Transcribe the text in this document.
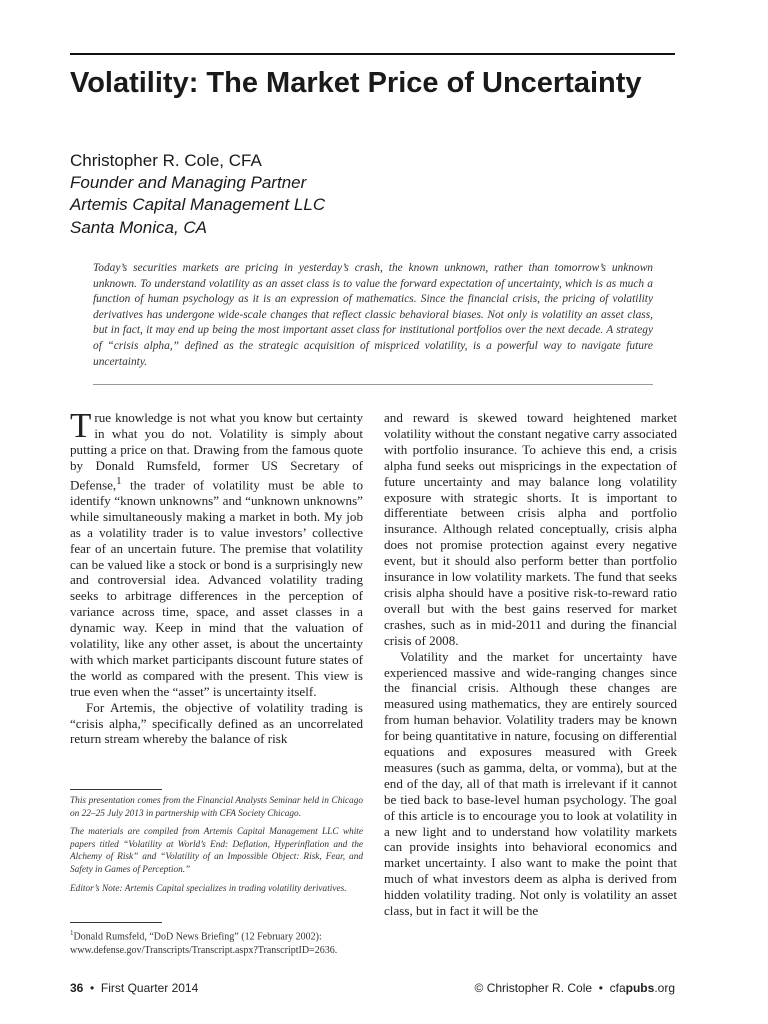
Volatility: The Market Price of Uncertainty
Christopher R. Cole, CFA
Founder and Managing Partner
Artemis Capital Management LLC
Santa Monica, CA
Today’s securities markets are pricing in yesterday’s crash, the known unknown, rather than tomorrow’s unknown unknown. To understand volatility as an asset class is to value the forward expectation of uncertainty, which is as much a function of human psychology as it is an expression of mathematics. Since the financial crisis, the pricing of volatility derivatives has undergone wide-scale changes that reflect classic behavioral biases. Not only is volatility an asset class, but in fact, it may end up being the most important asset class for institutional portfolios over the next decade. A strategy of “crisis alpha,” defined as the strategic acquisition of mispriced volatility, is a powerful way to navigate future uncertainty.

True knowledge is not what you know but certainty in what you do not. Volatility is simply about putting a price on that. Drawing from the famous quote by Donald Rumsfeld, former US Secretary of Defense,$^1$ the trader of volatility must be able to identify “known unknowns” and “unknown unknowns” while simultaneously making a market in both. My job as a volatility trader is to value investors’ collective fear of an uncertain future. The premise that volatility can be valued like a stock or bond is a surprisingly new and controversial idea. Advanced volatility trading seeks to arbitrage differences in the perception of variance across time, space, and asset classes in a dynamic way. Keep in mind that the valuation of volatility, like any other asset, is about the uncertainty with which market participants discount future states of the world as compared with the present. This view is true even when the “asset” is uncertainty itself.

For Artemis, the objective of volatility trading is “crisis alpha,” specifically defined as an uncorrelated return stream whereby the balance of risk

and reward is skewed toward heightened market volatility without the constant negative carry associated with portfolio insurance. To achieve this end, a crisis alpha fund seeks out mispricings in the expectation of future uncertainty and may balance long volatility exposure with strategic shorts. It is important to differentiate between crisis alpha and portfolio insurance. Although related conceptually, crisis alpha does not promise protection against every negative event, but it should also perform better than portfolio insurance in low volatility markets. The fund that seeks crisis alpha should have a positive risk-to-reward ratio overall but with the best gains reserved for market crashes, such as in mid-2011 and during the financial crisis of 2008.

Volatility and the market for uncertainty have experienced massive and wide-ranging changes since the financial crisis. Although these changes are measured using mathematics, they are entirely sourced from human behavior. Volatility traders may be known for being quantitative in nature, focusing on differential equations and exposures measured with Greek measures (such as gamma, delta, or vomma), but at the end of the day, all of that math is irrelevant if it cannot be tied back to base-level human psychology. The goal of this article is to encourage you to look at volatility in a new light and to understand how volatility markets can provide insights into behavioral economics and market uncertainty. I also want to make the point that much of what investors deem as alpha is derived from hidden volatility trading. Not only is volatility an asset class, but in fact it will be the

This presentation comes from the Financial Analysts Seminar held in Chicago on 22–25 July 2013 in partnership with CFA Society Chicago.

The materials are compiled from Artemis Capital Management LLC white papers titled “Volatility at World’s End: Deflation, Hyperinflation and the Alchemy of Risk” and “Volatility of an Impossible Object: Risk, Fear, and Safety in Games of Perception.”

Editor’s Note: Artemis Capital specializes in trading volatility derivatives.

$^1$Donald Rumsfeld, “DoD News Briefing” (12 February 2002): www.defense.gov/Transcripts/Transcript.aspx?TranscriptID=2636.
36 • First Quarter 2014	© Christopher R. Cole • cfapubs.org
